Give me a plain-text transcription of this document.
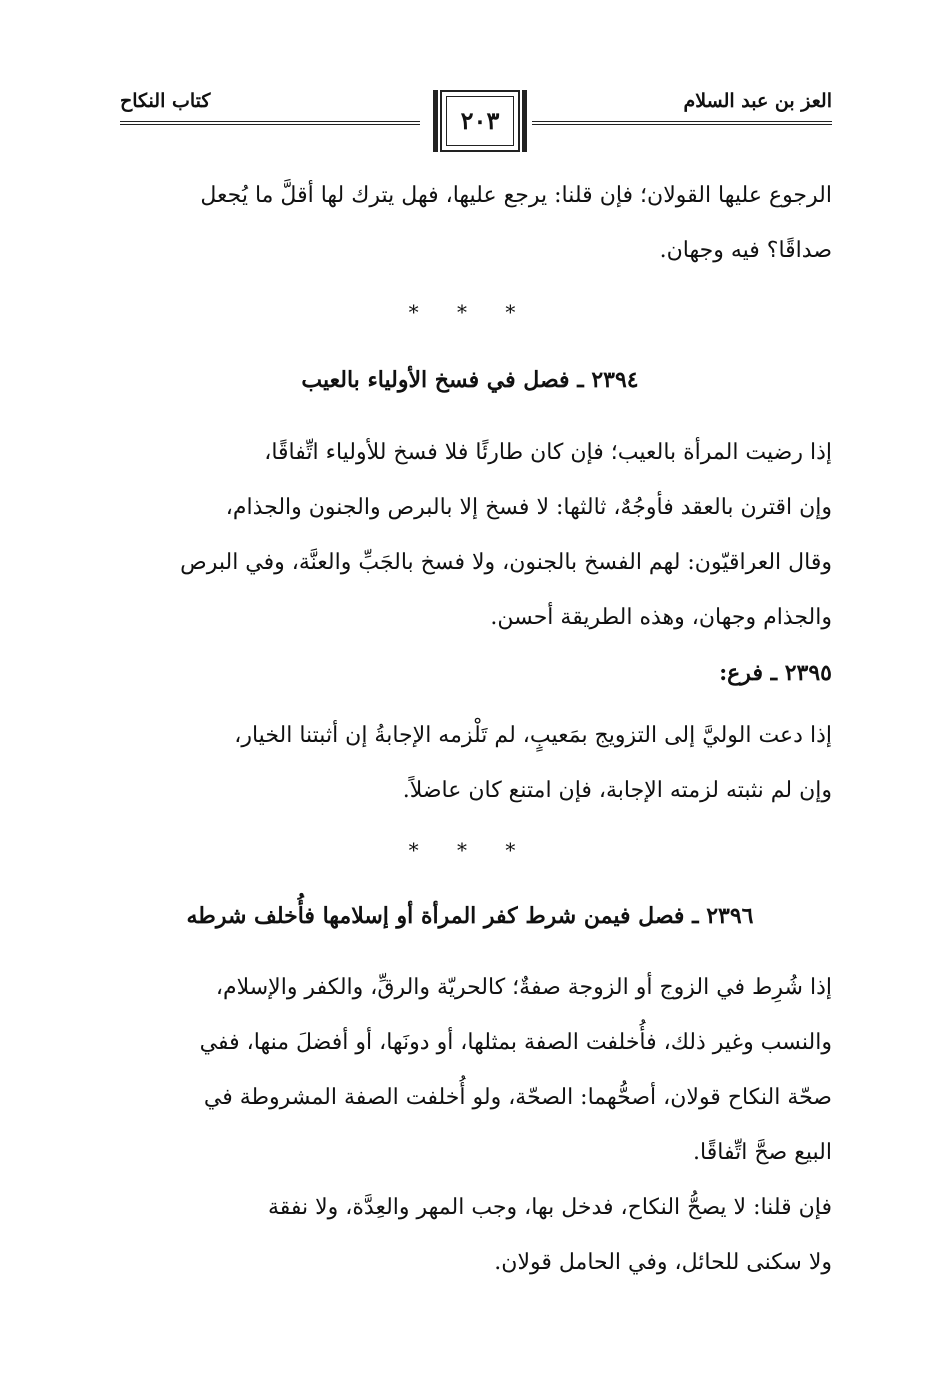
العز بن عبد السلام
كتاب النكاح
٢٠٣
الرجوع عليها القولان؛ فإن قلنا: يرجع عليها، فهل يترك لها أقلَّ ما يُجعل
صداقًا؟ فيه وجهان.
* * *
٢٣٩٤ ـ فصل في فسخ الأولياء بالعيب
إذا رضيت المرأة بالعيب؛ فإن كان طارئًا فلا فسخ للأولياء اتِّفاقًا،
وإن اقترن بالعقد فأوجُهٌ، ثالثها: لا فسخ إلا بالبرص والجنون والجذام،
وقال العراقيّون: لهم الفسخ بالجنون، ولا فسخ بالجَبِّ والعنَّة، وفي البرص
والجذام وجهان، وهذه الطريقة أحسن.
٢٣٩٥ ـ فرع:
إذا دعت الوليَّ إلى التزويج بمَعيبٍ، لم تَلْزمه الإجابةُ إن أثبتنا الخيار،
وإن لم نثبته لزمته الإجابة، فإن امتنع كان عاضلاً.
* * *
٢٣٩٦ ـ فصل فيمن شرط كفر المرأة أو إسلامها فأُخلف شرطه
إذا شُرِط في الزوج أو الزوجة صفةٌ؛ كالحريّة والرقِّ، والكفر والإسلام،
والنسب وغير ذلك، فأُخلفت الصفة بمثلها، أو دونَها، أو أفضلَ منها، ففي
صحّة النكاح قولان، أصحُّهما: الصحّة، ولو أُخلفت الصفة المشروطة في
البيع صحَّ اتِّفاقًا.
فإن قلنا: لا يصحُّ النكاح، فدخل بها، وجب المهر والعِدَّة، ولا نفقة
ولا سكنى للحائل، وفي الحامل قولان.
